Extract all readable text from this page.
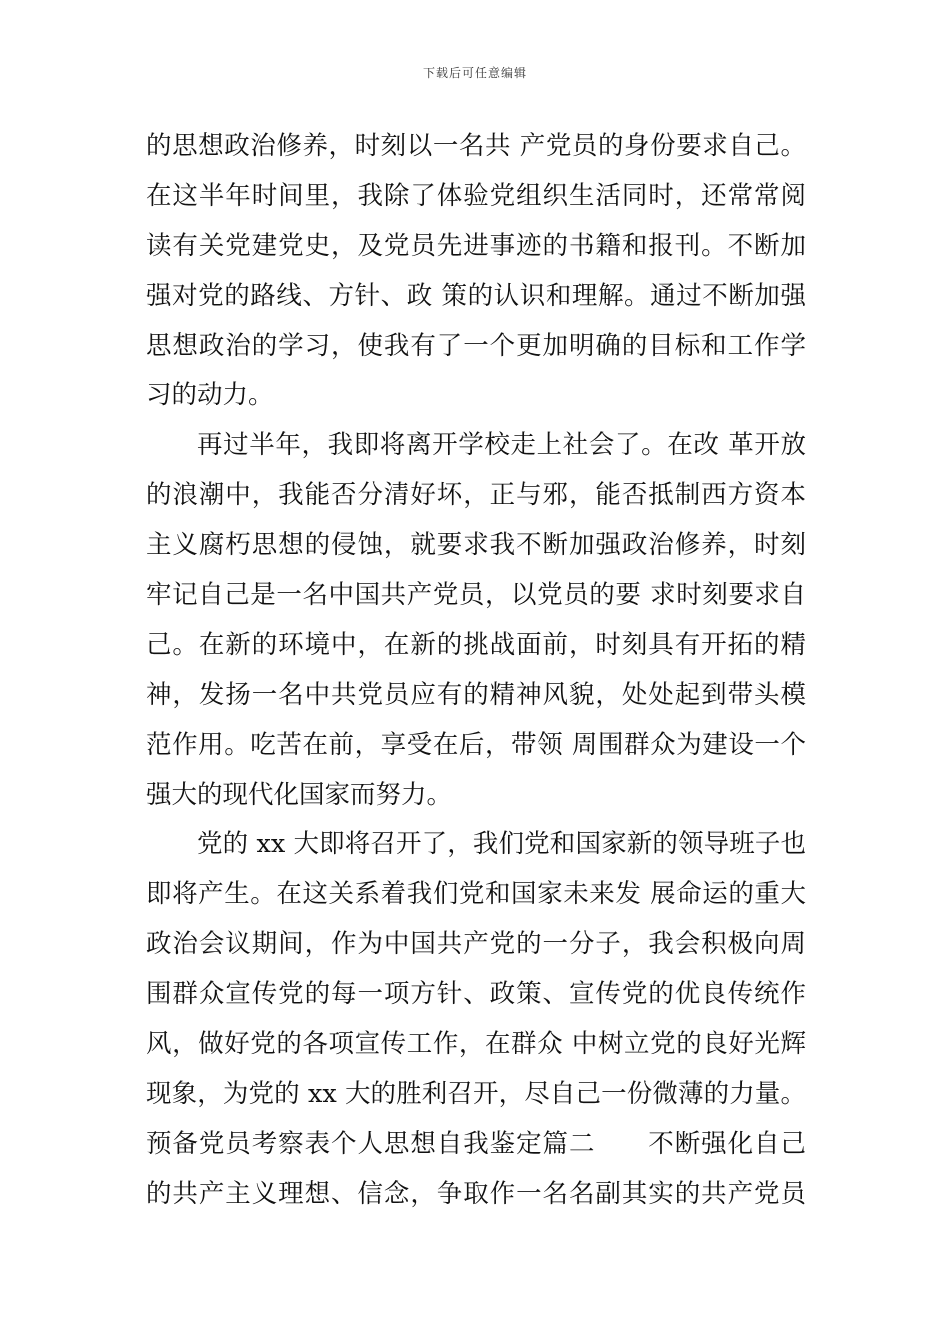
下载后可任意编辑
的思想政治修养，时刻以一名共 产党员的身份要求自己。
在这半年时间里，我除了体验党组织生活同时，还常常阅
读有关党建党史，及党员先进事迹的书籍和报刊。不断加
强对党的路线、方针、政 策的认识和理解。通过不断加强
思想政治的学习，使我有了一个更加明确的目标和工作学
习的动力。
再过半年，我即将离开学校走上社会了。在改 革开放
的浪潮中，我能否分清好坏，正与邪，能否抵制西方资本
主义腐朽思想的侵蚀，就要求我不断加强政治修养，时刻
牢记自己是一名中国共产党员，以党员的要 求时刻要求自
己。在新的环境中，在新的挑战面前，时刻具有开拓的精
神，发扬一名中共党员应有的精神风貌，处处起到带头模
范作用。吃苦在前，享受在后，带领 周围群众为建设一个
强大的现代化国家而努力。
党的 xx 大即将召开了，我们党和国家新的领导班子也
即将产生。在这关系着我们党和国家未来发 展命运的重大
政治会议期间，作为中国共产党的一分子，我会积极向周
围群众宣传党的每一项方针、政策、宣传党的优良传统作
风，做好党的各项宣传工作，在群众 中树立党的良好光辉
现象，为党的 xx 大的胜利召开，尽自己一份微薄的力量。
预备党员考察表个人思想自我鉴定篇二　　不断强化自己
的共产主义理想、信念，争取作一名名副其实的共产党员
